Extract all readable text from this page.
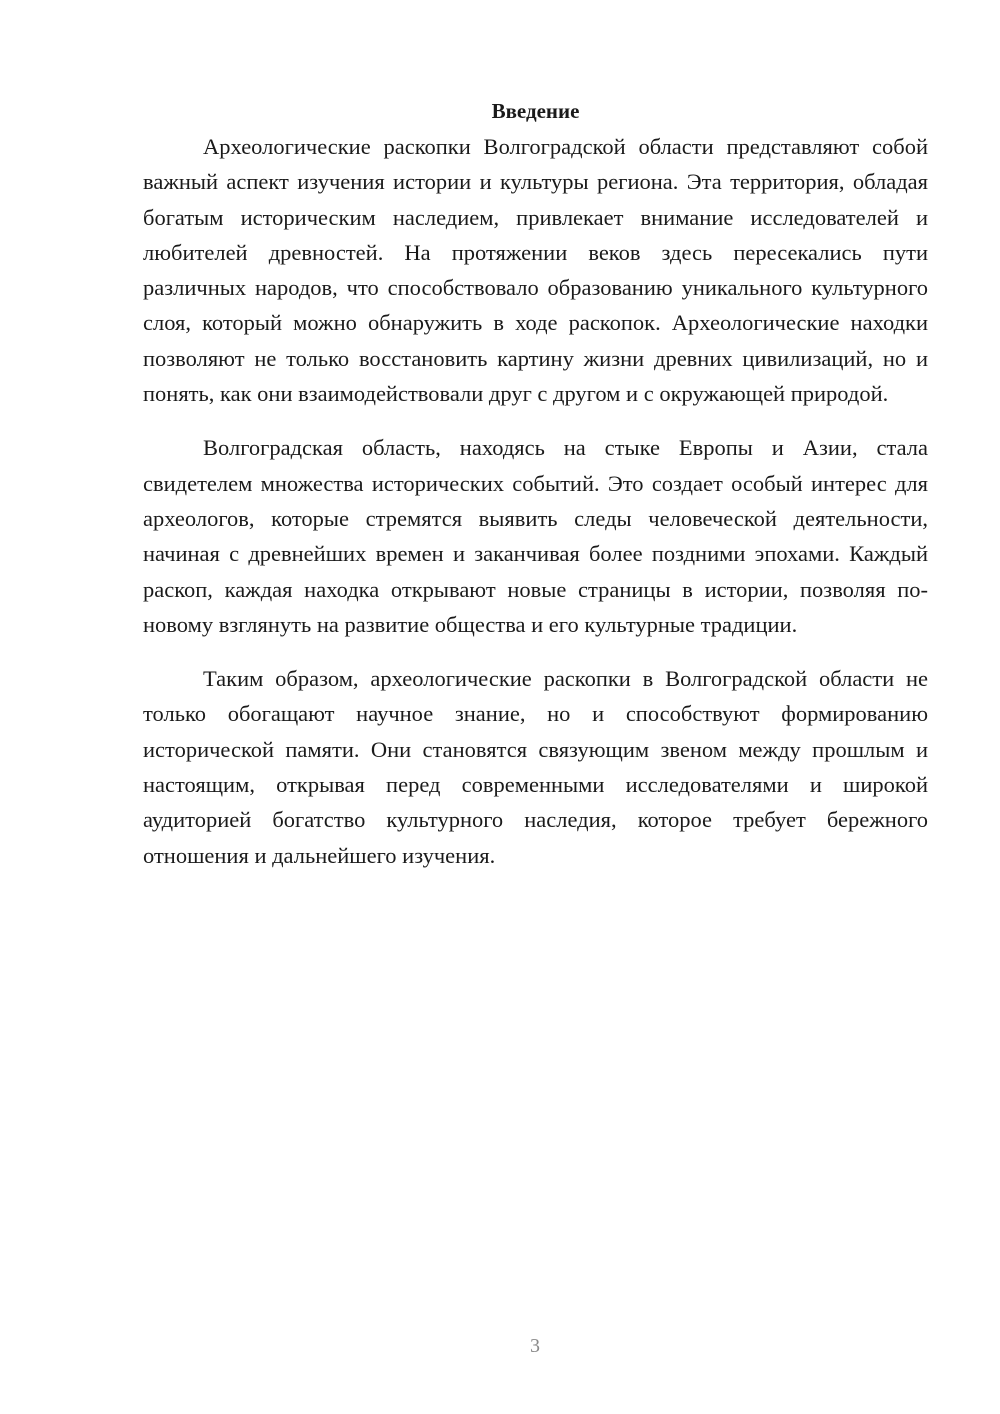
Введение

Археологические раскопки Волгоградской области представляют собой важный аспект изучения истории и культуры региона. Эта территория, обладая богатым историческим наследием, привлекает внимание исследователей и любителей древностей. На протяжении веков здесь пересекались пути различных народов, что способствовало образованию уникального культурного слоя, который можно обнаружить в ходе раскопок. Археологические находки позволяют не только восстановить картину жизни древних цивилизаций, но и понять, как они взаимодействовали друг с другом и с окружающей природой.

Волгоградская область, находясь на стыке Европы и Азии, стала свидетелем множества исторических событий. Это создает особый интерес для археологов, которые стремятся выявить следы человеческой деятельности, начиная с древнейших времен и заканчивая более поздними эпохами. Каждый раскоп, каждая находка открывают новые страницы в истории, позволяя по-новому взглянуть на развитие общества и его культурные традиции.

Таким образом, археологические раскопки в Волгоградской области не только обогащают научное знание, но и способствуют формированию исторической памяти. Они становятся связующим звеном между прошлым и настоящим, открывая перед современными исследователями и широкой аудиторией богатство культурного наследия, которое требует бережного отношения и дальнейшего изучения.

3
